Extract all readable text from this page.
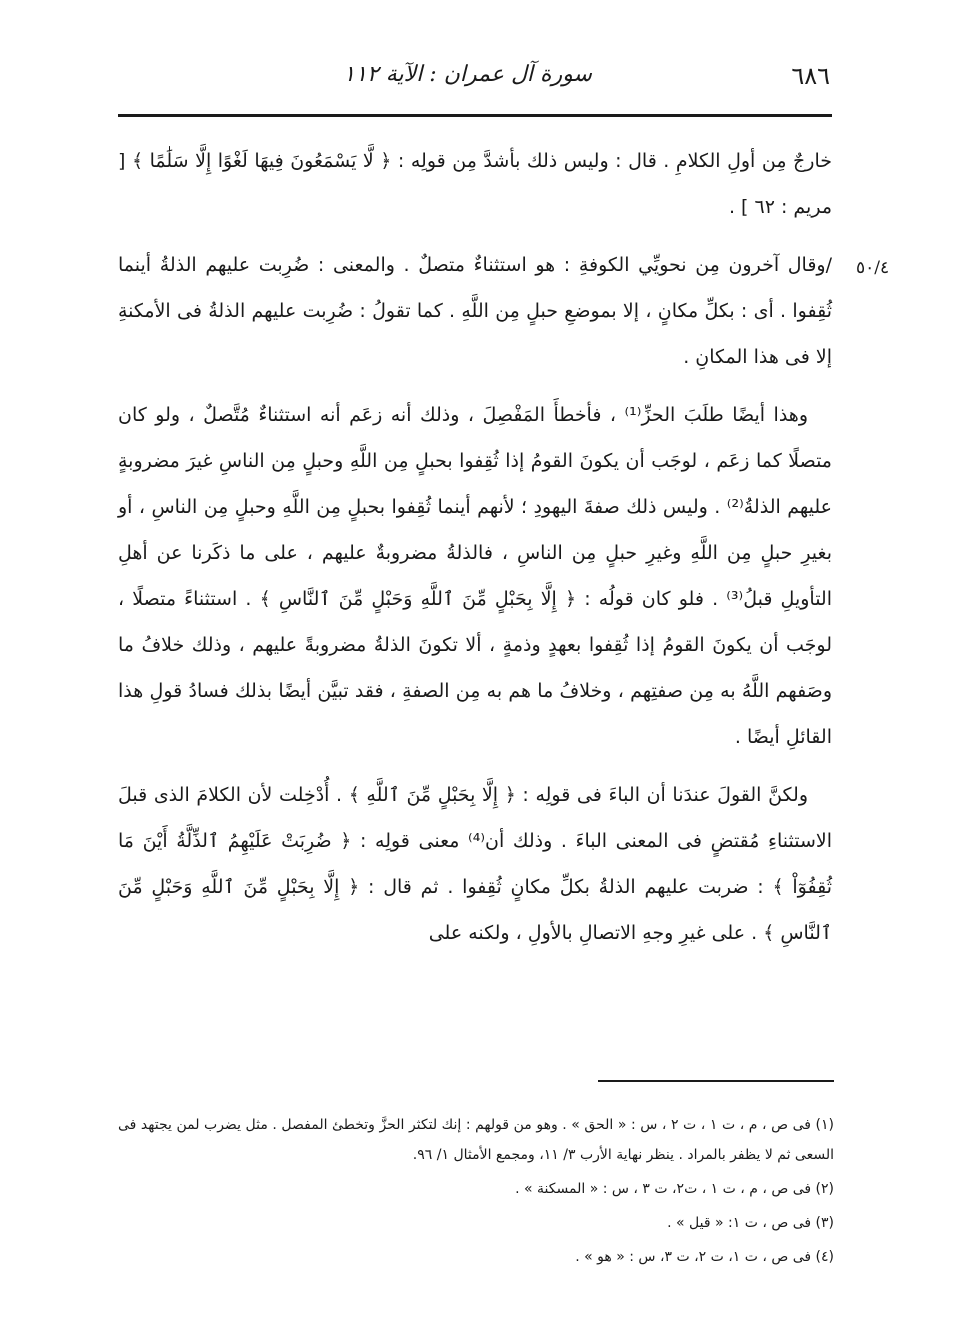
٦٨٦
سورة آل عمران : الآية ١١٢
٥٠/٤

خارجٌ مِن أولِ الكلامِ . قال : وليس ذلك بأشدَّ مِن قولِه : ﴿ لَّا يَسْمَعُونَ فِيهَا لَغْوًا إِلَّا سَلَٰمًا ﴾ [ مريم : ٦٢ ] .

/وقال آخرون مِن نحويِّي الكوفةِ : هو استثناءٌ متصلٌ . والمعنى : ضُرِبت عليهم الذلةُ أينما ثُقِفوا . أى : بكلِّ مكانٍ ، إلا بموضعِ حبلٍ مِن اللَّهِ . كما تقولُ : ضُرِبت عليهم الذلةُ فى الأمكنةِ إلا فى هذا المكانِ .

وهذا أيضًا طلَبَ الحزِّ⁽¹⁾ ، فأخطأَ المَفْصِلَ ، وذلك أنه زعَم أنه استثناءٌ مُتَّصلٌ ، ولو كان متصلًا كما زعَم ، لوجَب أن يكونَ القومُ إذا ثُقِفوا بحبلٍ مِن اللَّهِ وحبلٍ مِن الناسِ غيرَ مضروبةٍ عليهم الذلةُ⁽²⁾ . وليس ذلك صفةَ اليهودِ ؛ لأنهم أينما ثُقِفوا بحبلٍ مِن اللَّهِ وحبلٍ مِن الناسِ ، أو بغيرِ حبلٍ مِن اللَّهِ وغيرِ حبلٍ مِن الناسِ ، فالذلةُ مضروبةٌ عليهم ، على ما ذكَرنا عن أهلِ التأويلِ قبلُ⁽³⁾ . فلو كان قولُه : ﴿ إِلَّا بِحَبْلٍ مِّنَ ٱللَّهِ وَحَبْلٍ مِّنَ ٱلنَّاسِ ﴾ . استثناءً متصلًا ، لوجَب أن يكونَ القومُ إذا ثُقِفوا بعهدٍ وذمةٍ ، ألا تكونَ الذلةُ مضروبةً عليهم ، وذلك خلافُ ما وصَفهم اللَّهُ به مِن صفتِهم ، وخلافُ ما هم به مِن الصفةِ ، فقد تبيَّن أيضًا بذلك فسادُ قولِ هذا القائلِ أيضًا .

ولكنَّ القولَ عندَنا أن الباءَ فى قولِه : ﴿ إِلَّا بِحَبْلٍ مِّنَ ٱللَّهِ ﴾ . أُدْخِلت لأن الكلامَ الذى قبلَ الاستثناءِ مُقتضٍ فى المعنى الباءَ . وذلك أن⁽⁴⁾ معنى قولِه : ﴿ ضُرِبَتْ عَلَيْهِمُ ٱلذِّلَّةُ أَيْنَ مَا ثُقِفُوٓاْ ﴾ : ضربت عليهم الذلةُ بكلِّ مكانٍ ثُقِفوا . ثم قال : ﴿ إِلَّا بِحَبْلٍ مِّنَ ٱللَّهِ وَحَبْلٍ مِّنَ ٱلنَّاسِ ﴾ . على غيرِ وجهِ الاتصالِ بالأولِ ، ولكنه على

(١) فى ص ، م ، ت ١ ، ت ٢ ، س : « الحق » . وهو من قولهم : إنك لتكثر الحزَّ وتخطئ المفصل . مثل يضرب لمن يجتهد فى السعى ثم لا يظفر بالمراد . ينظر نهاية الأرب ٣/ ١١، ومجمع الأمثال ١/ ٩٦.

(٢) فى ص ، م ، ت ١ ، ت٢، ت ٣ ، س : « المسكنة » .

(٣) فى ص ، ت ١: « قيل » .

(٤) فى ص ، ت ١، ت ٢، ت ٣، س : « هو » .
